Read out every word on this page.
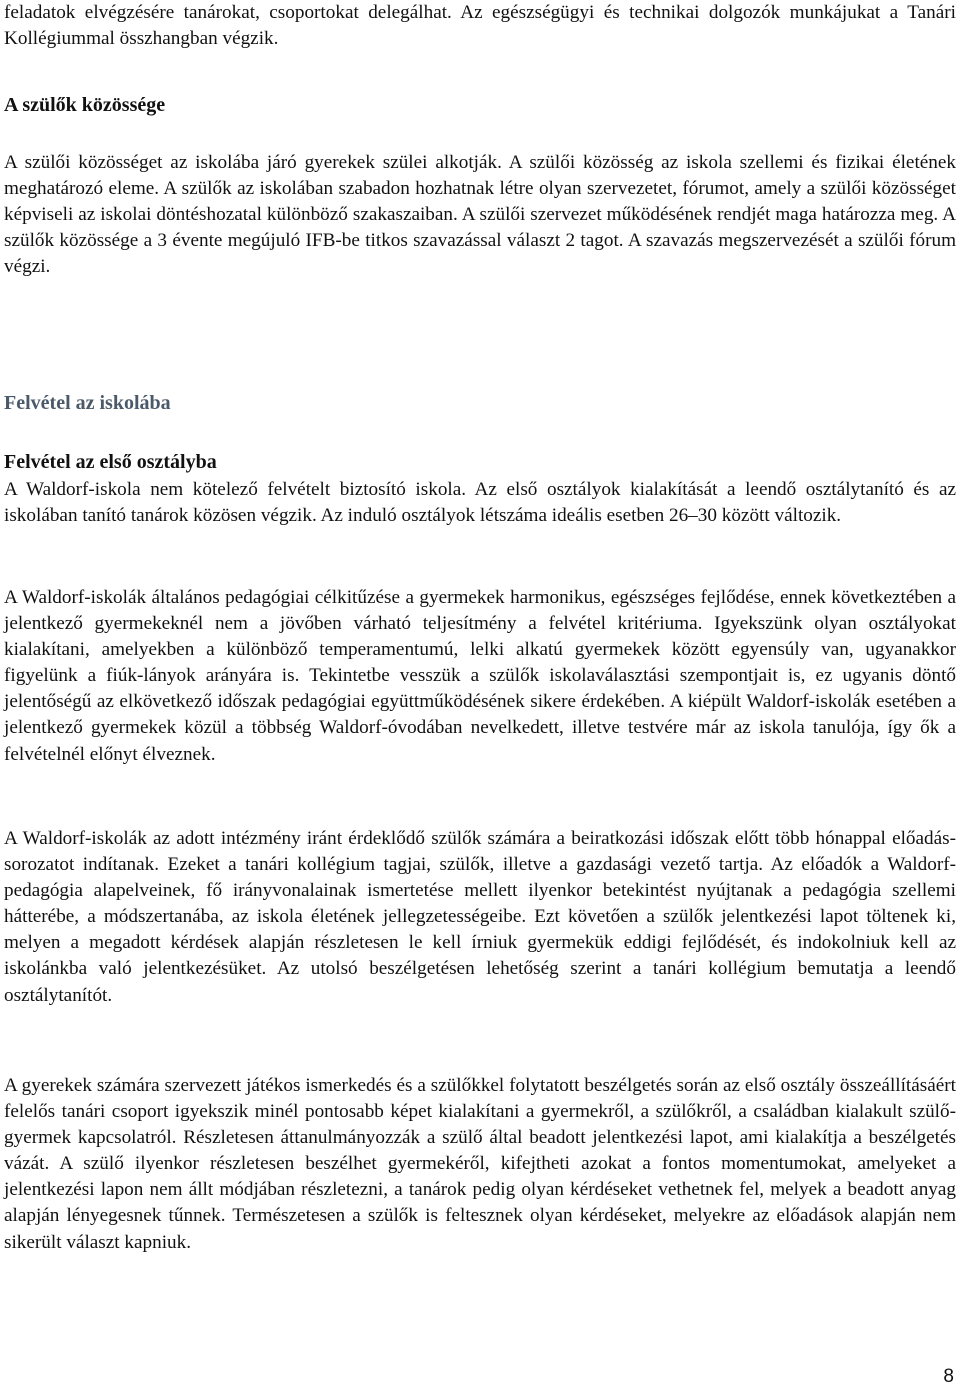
feladatok elvégzésére tanárokat, csoportokat delegálhat. Az egészségügyi és technikai dolgozók munkájukat a Tanári Kollégiummal összhangban végzik.

A szülők közössége

A szülői közösséget az iskolába járó gyerekek szülei alkotják. A szülői közösség az iskola szellemi és fizikai életének meghatározó eleme. A szülők az iskolában szabadon hozhatnak létre olyan szervezetet, fórumot, amely a szülői közösséget képviseli az iskolai döntéshozatal különböző szakaszaiban. A szülői szervezet működésének rendjét maga határozza meg. A szülők közössége a 3 évente megújuló IFB-be titkos szavazással választ 2 tagot. A szavazás megszervezését a szülői fórum végzi.

Felvétel az iskolába
Felvétel az első osztályba

A Waldorf-iskola nem kötelező felvételt biztosító iskola. Az első osztályok kialakítását a leendő osztálytanító és az iskolában tanító tanárok közösen végzik. Az induló osztályok létszáma ideális esetben 26–30 között változik.

A Waldorf-iskolák általános pedagógiai célkitűzése a gyermekek harmonikus, egészséges fejlődése, ennek következtében a jelentkező gyermekeknél nem a jövőben várható teljesítmény a felvétel kritériuma. Igyekszünk olyan osztályokat kialakítani, amelyekben a különböző temperamentumú, lelki alkatú gyermekek között egyensúly van, ugyanakkor figyelünk a fiúk-lányok arányára is. Tekintetbe vesszük a szülők iskolaválasztási szempontjait is, ez ugyanis döntő jelentőségű az elkövetkező időszak pedagógiai együttműködésének sikere érdekében. A kiépült Waldorf-iskolák esetében a jelentkező gyermekek közül a többség Waldorf-óvodában nevelkedett, illetve testvére már az iskola tanulója, így ők a felvételnél előnyt élveznek.

A Waldorf-iskolák az adott intézmény iránt érdeklődő szülők számára a beiratkozási időszak előtt több hónappal előadás-sorozatot indítanak. Ezeket a tanári kollégium tagjai, szülők, illetve a gazdasági vezető tartja. Az előadók a Waldorf-pedagógia alapelveinek, fő irányvonalainak ismertetése mellett ilyenkor betekintést nyújtanak a pedagógia szellemi hátterébe, a módszertanába, az iskola életének jellegzetességeibe. Ezt követően a szülők jelentkezési lapot töltenek ki, melyen a megadott kérdések alapján részletesen le kell írniuk gyermekük eddigi fejlődését, és indokolniuk kell az iskolánkba való jelentkezésüket. Az utolsó beszélgetésen lehetőség szerint a tanári kollégium bemutatja a leendő osztálytanítót.

A gyerekek számára szervezett játékos ismerkedés és a szülőkkel folytatott beszélgetés során az első osztály összeállításáért felelős tanári csoport igyekszik minél pontosabb képet kialakítani a gyermekről, a szülőkről, a családban kialakult szülő-gyermek kapcsolatról. Részletesen áttanulmányozzák a szülő által beadott jelentkezési lapot, ami kialakítja a beszélgetés vázát. A szülő ilyenkor részletesen beszélhet gyermekéről, kifejtheti azokat a fontos momentumokat, amelyeket a jelentkezési lapon nem állt módjában részletezni, a tanárok pedig olyan kérdéseket vethetnek fel, melyek a beadott anyag alapján lényegesnek tűnnek. Természetesen a szülők is feltesznek olyan kérdéseket, melyekre az előadások alapján nem sikerült választ kapniuk.

8
